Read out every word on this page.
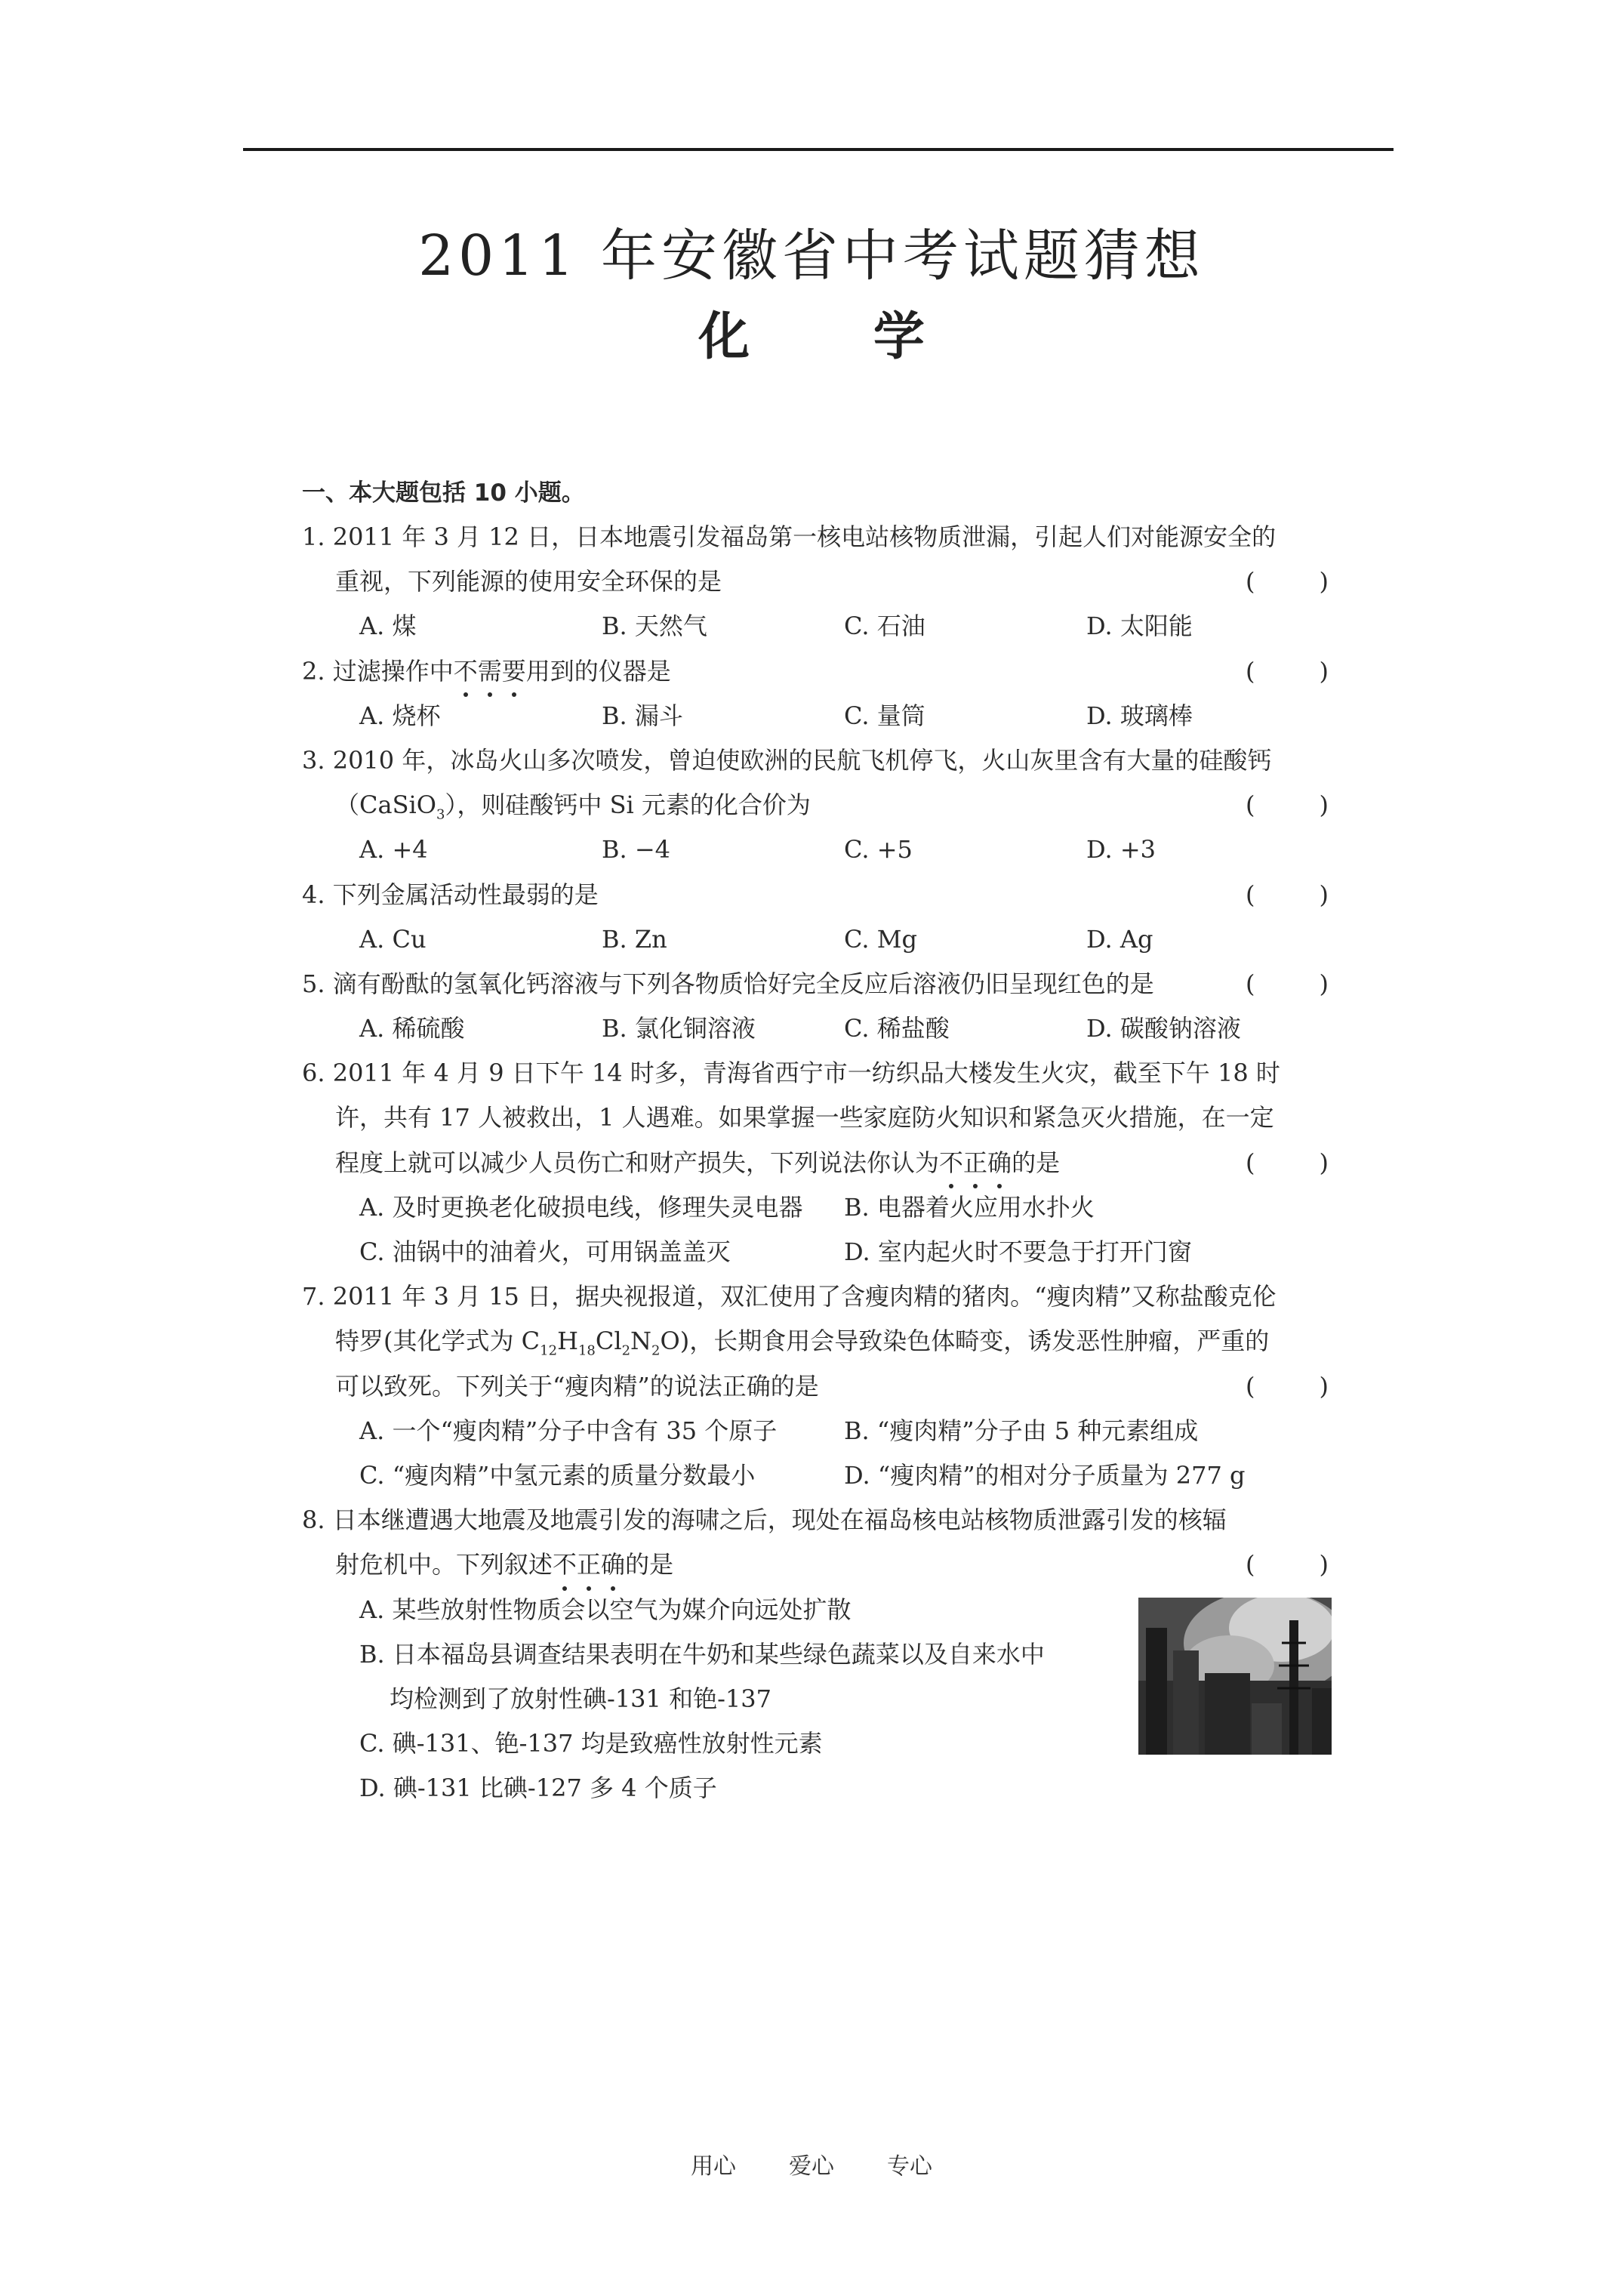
2011 年安徽省中考试题猜想
化 学
一、本大题包括 10 小题。
1. 2011 年 3 月 12 日，日本地震引发福岛第一核电站核物质泄漏，引起人们对能源安全的
重视，下列能源的使用安全环保的是	(	)
A. 煤	B. 天然气	C. 石油	D. 太阳能
2. 过滤操作中不需要用到的仪器是	(	)
A. 烧杯	B. 漏斗	C. 量筒	D. 玻璃棒
3. 2010 年，冰岛火山多次喷发，曾迫使欧洲的民航飞机停飞，火山灰里含有大量的硅酸钙
（CaSiO$_3$），则硅酸钙中 Si 元素的化合价为	(	)
A. +4	B. −4	C. +5	D. +3
4. 下列金属活动性最弱的是	(	)
A. Cu	B. Zn	C. Mg	D. Ag
5. 滴有酚酞的氢氧化钙溶液与下列各物质恰好完全反应后溶液仍旧呈现红色的是	(	)
A. 稀硫酸	B. 氯化铜溶液	C. 稀盐酸	D. 碳酸钠溶液
6. 2011 年 4 月 9 日下午 14 时多，青海省西宁市一纺织品大楼发生火灾，截至下午 18 时
许，共有 17 人被救出，1 人遇难。如果掌握一些家庭防火知识和紧急灭火措施，在一定
程度上就可以减少人员伤亡和财产损失，下列说法你认为不正确的是	(	)
A. 及时更换老化破损电线，修理失灵电器	B. 电器着火应用水扑火
C. 油锅中的油着火，可用锅盖盖灭	D. 室内起火时不要急于打开门窗
7. 2011 年 3 月 15 日，据央视报道，双汇使用了含瘦肉精的猪肉。“瘦肉精”又称盐酸克伦
特罗(其化学式为 $C_{12}H_{18}Cl_2N_2O$)，长期食用会导致染色体畸变，诱发恶性肿瘤，严重的
可以致死。下列关于“瘦肉精”的说法正确的是	(	)
A. 一个“瘦肉精”分子中含有 35 个原子	B. “瘦肉精”分子由 5 种元素组成
C. “瘦肉精”中氢元素的质量分数最小	D. “瘦肉精”的相对分子质量为 277 g
8. 日本继遭遇大地震及地震引发的海啸之后，现处在福岛核电站核物质泄露引发的核辐
射危机中。下列叙述不正确的是	(	)
A. 某些放射性物质会以空气为媒介向远处扩散
B. 日本福岛县调查结果表明在牛奶和某些绿色蔬菜以及自来水中
均检测到了放射性碘-131 和铯-137
C. 碘-131、铯-137 均是致癌性放射性元素
D. 碘-131 比碘-127 多 4 个质子
用心 爱心 专心
